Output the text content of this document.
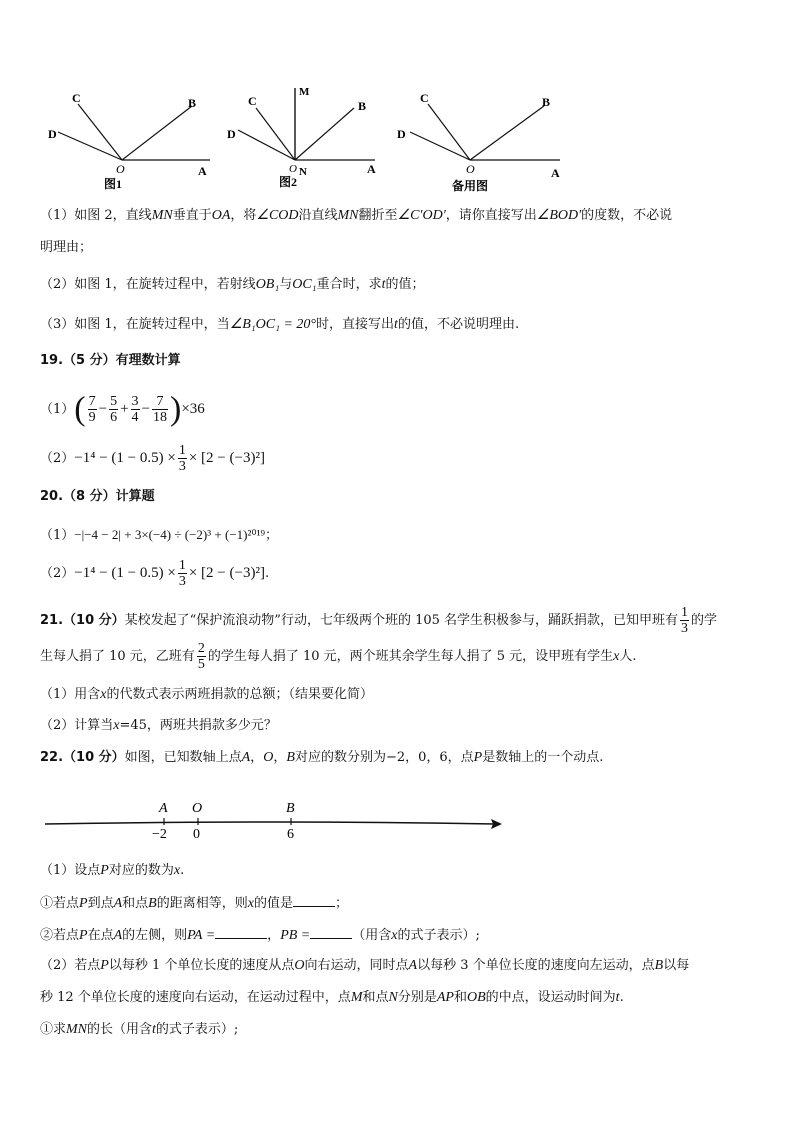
C	B
D
O	A
图1
C
M
B
D
O N	A
图2
C	B
D
O	A
备用图
（1）如图 2，直线MN垂直于OA，将∠COD沿直线MN翻折至∠C′OD′，请你直接写出∠BOD′的度数，不必说
明理由；
（2）如图 1，在旋转过程中，若射线OB₁与OC₁重合时，求t的值；
（3）如图 1，在旋转过程中，当∠B₁OC₁ = 20°时，直接写出t的值，不必说明理由.
19.（5 分）有理数计算
$(1)( \frac{7}{9} - \frac{5}{6} + \frac{3}{4} - \frac{7}{18} )\times 36$
$(2)-1^4 - (1 - 0.5) \times \frac{1}{3} \times [2 - (-3)^2]$
20.（8 分）计算题
（1）−|−4 − 2| + 3×(−4) ÷ (−2)³ + (−1)²⁰¹⁹；
$(2)-1^4 - (1 - 0.5) \times \frac{1}{3} \times [2 - (-3)^2]$.
21.（10 分）某校发起了“保护流浪动物”行动，七年级两个班的 105 名学生积极参与，踊跃捐款，已知甲班有 $\frac{1}{3}$ 的学
生每人捐了 10 元，乙班有 $\frac{2}{5}$ 的学生每人捐了 10 元，两个班其余学生每人捐了 5 元，设甲班有学生x人.
（1）用含x的代数式表示两班捐款的总额；（结果要化简）
（2）计算当x=45，两班共捐款多少元？
22.（10 分）如图，已知数轴上点A，O，B对应的数分别为−2，0，6，点P是数轴上的一个动点.
A O	B
−2 0	6
（1）设点P对应的数为x.
①若点P到点A和点B的距离相等，则x的值是	；
②若点P在点A的左侧，则PA =	，PB =	（用含x的式子表示）;
（2）若点P以每秒 1 个单位长度的速度从点O向右运动，同时点A以每秒 3 个单位长度的速度向左运动，点B以每
秒 12 个单位长度的速度向右运动，在运动过程中，点M和点N分别是AP和OB的中点，设运动时间为t.
①求MN的长（用含t的式子表示）;
